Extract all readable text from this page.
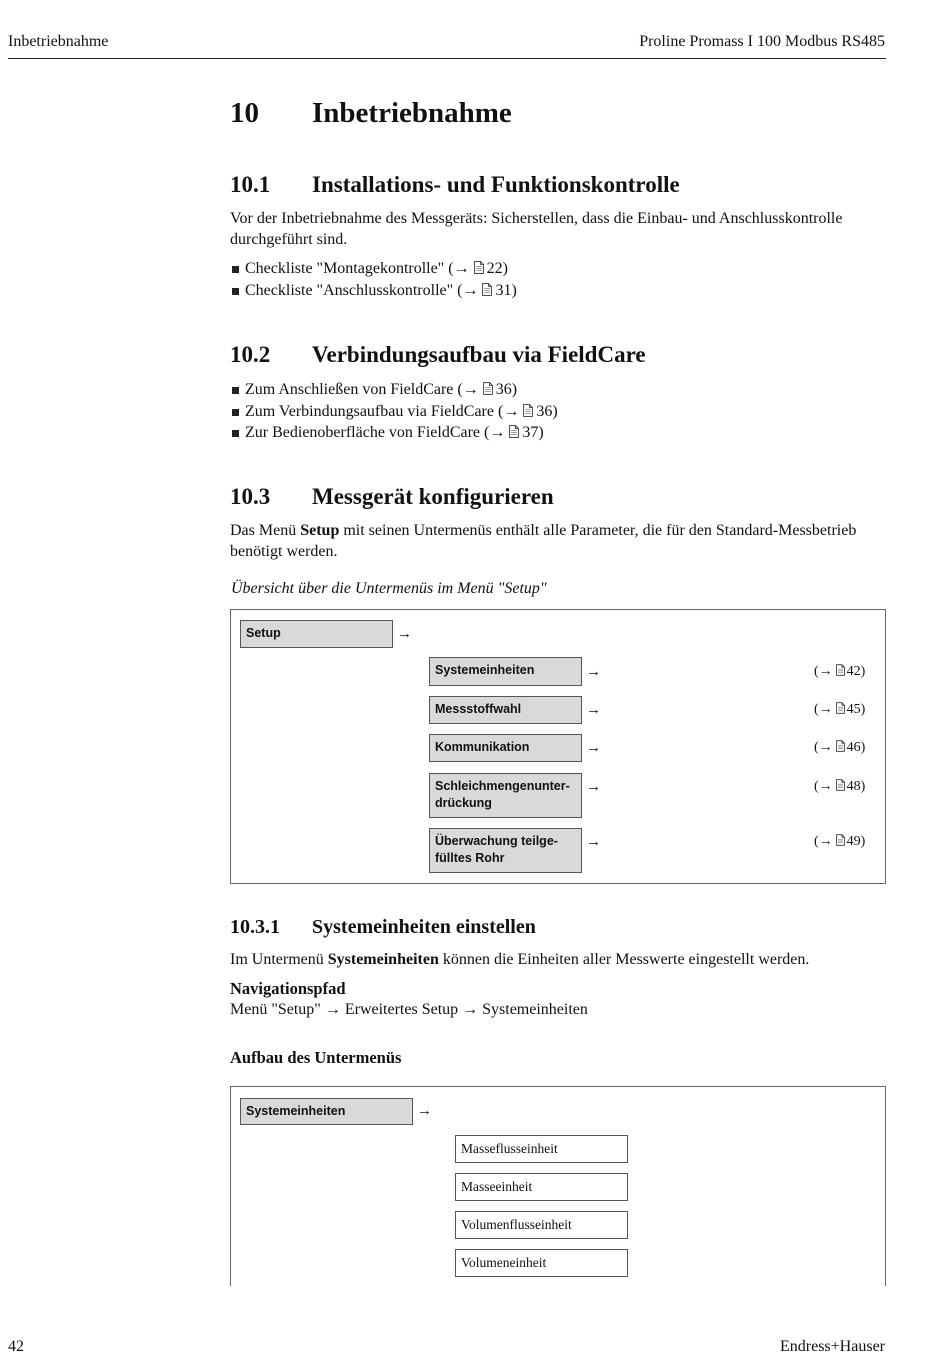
Inbetriebnahme	Proline Promass I 100 Modbus RS485
10 Inbetriebnahme
10.1 Installations- und Funktionskontrolle
Vor der Inbetriebnahme des Messgeräts: Sicherstellen, dass die Einbau- und Anschlusskontrolle durchgeführt sind.
Checkliste "Montagekontrolle" (→ 22)
Checkliste "Anschlusskontrolle" (→ 31)
10.2 Verbindungsaufbau via FieldCare
Zum Anschließen von FieldCare (→ 36)
Zum Verbindungsaufbau via FieldCare (→ 36)
Zur Bedienoberfläche von FieldCare (→ 37)
10.3 Messgerät konfigurieren
Das Menü Setup mit seinen Untermenüs enthält alle Parameter, die für den Standard-Messbetrieb benötigt werden.
Übersicht über die Untermenüs im Menü "Setup"
Setup	→
Systemeinheiten	→	(→ 42)
Messstoffwahl	→	(→ 45)
Kommunikation	→	(→ 46)
Schleichmengenunter-
drückung
→	(→ 48)
Überwachung teilge-
fülltes Rohr
→	(→ 49)
10.3.1 Systemeinheiten einstellen
Im Untermenü Systemeinheiten können die Einheiten aller Messwerte eingestellt werden.
Navigationspfad
Menü "Setup" → Erweitertes Setup → Systemeinheiten
Aufbau des Untermenüs
Systemeinheiten	→
Masseflusseinheit
Masseeinheit
Volumenflusseinheit
Volumeneinheit
42	Endress+Hauser
